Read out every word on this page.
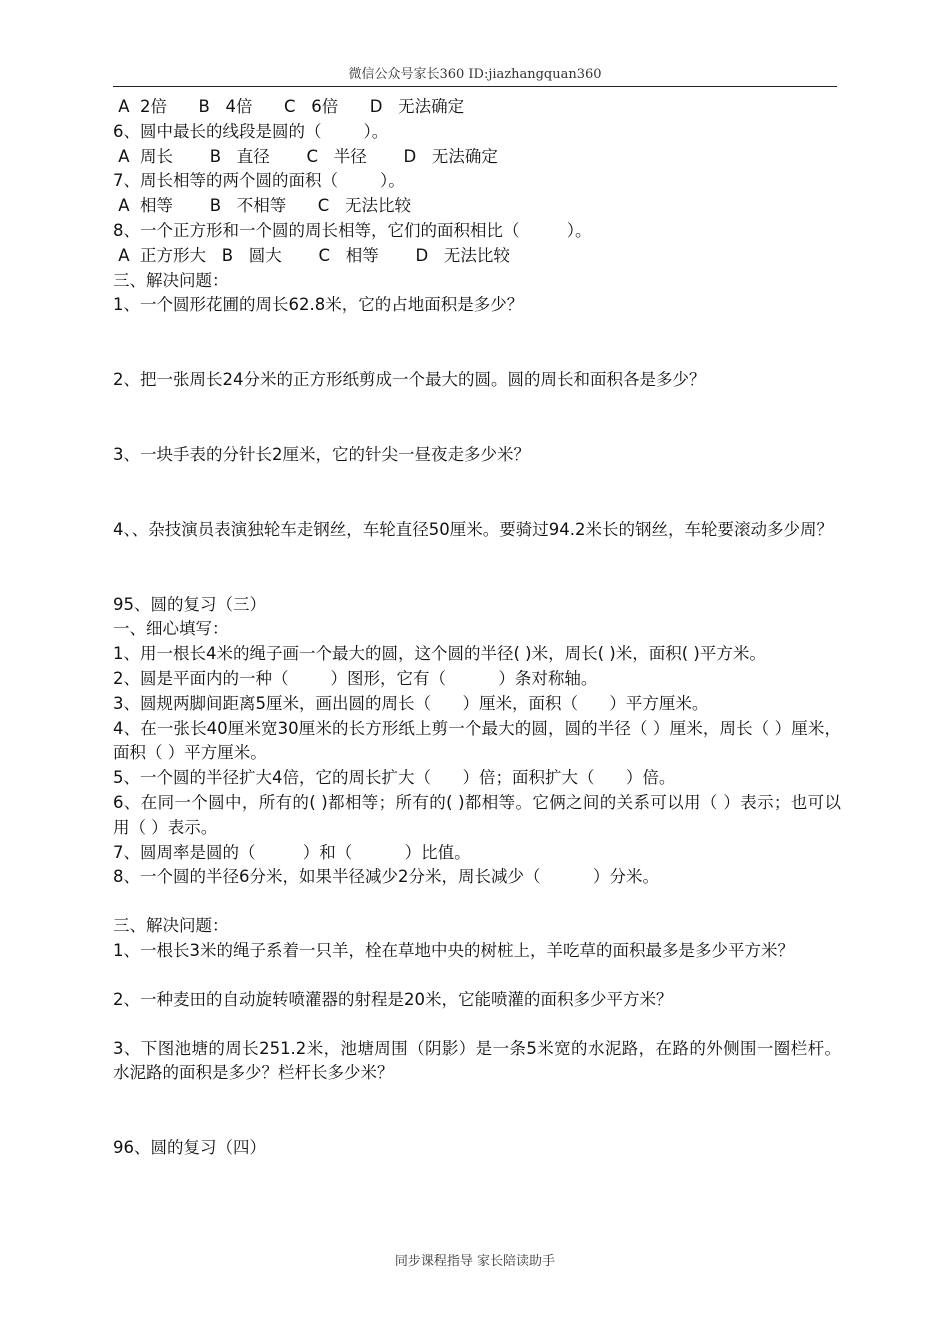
微信公众号家长360 ID:jiazhangquan360

A  2倍      B   4倍      C   6倍      D   无法确定

6、圆中最长的线段是圆的（        ）。

A  周长       B   直径       C   半径       D   无法确定

7、周长相等的两个圆的面积（        ）。

A  相等       B   不相等      C   无法比较

8、一个正方形和一个圆的周长相等，它们的面积相比（         ）。

A  正方形大   B   圆大       C   相等       D   无法比较

三、解决问题：

1、一个圆形花圃的周长62.8米，它的占地面积是多少？

2、把一张周长24分米的正方形纸剪成一个最大的圆。圆的周长和面积各是多少？

3、一块手表的分针长2厘米，它的针尖一昼夜走多少米？

4、、杂技演员表演独轮车走钢丝，车轮直径50厘米。要骑过94.2米长的钢丝，车轮要滚动多少周？

95、圆的复习（三）

一、细心填写：

1、用一根长4米的绳子画一个最大的圆，这个圆的半径( )米，周长( )米，面积( )平方米。

2、圆是平面内的一种（        ）图形，它有（          ）条对称轴。

3、圆规两脚间距离5厘米，画出圆的周长（      ）厘米，面积（      ）平方厘米。

4、在一张长40厘米宽30厘米的长方形纸上剪一个最大的圆，圆的半径（ ）厘米，周长（ ）厘米，面积（ ）平方厘米。

5、一个圆的半径扩大4倍，它的周长扩大（      ）倍；面积扩大（      ）倍。

6、在同一个圆中，所有的( )都相等；所有的( )都相等。它俩之间的关系可以用（ ）表示；也可以用（ ）表示。

7、圆周率是圆的（         ）和（          ）比值。

8、一个圆的半径6分米，如果半径减少2分米，周长减少（          ）分米。

三、解决问题：

1、一根长3米的绳子系着一只羊，栓在草地中央的树桩上，羊吃草的面积最多是多少平方米？

2、一种麦田的自动旋转喷灌器的射程是20米，它能喷灌的面积多少平方米？

3、下图池塘的周长251.2米，池塘周围（阴影）是一条5米宽的水泥路，在路的外侧围一圈栏杆。水泥路的面积是多少？栏杆长多少米？

96、圆的复习（四）

同步课程指导 家长陪读助手
